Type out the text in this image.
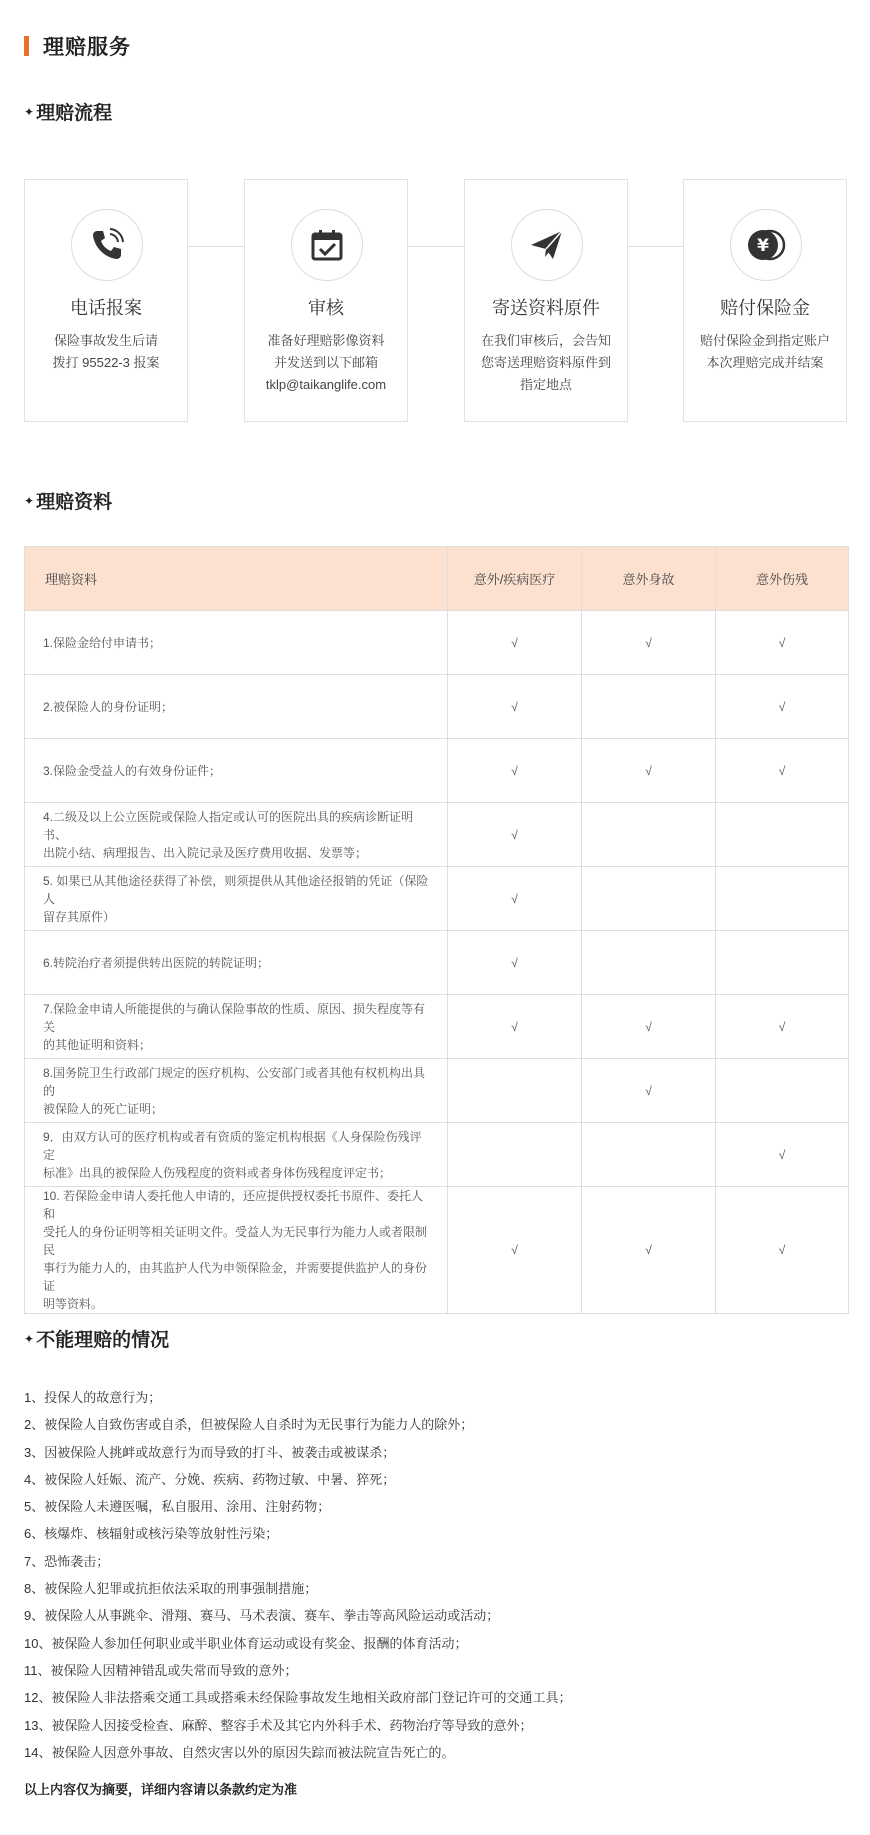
理赔服务
✦ 理赔流程
电话报案
保险事故发生后请
拨打 95522-3 报案
审核
准备好理赔影像资料
并发送到以下邮箱
tklp@taikanglife.com
寄送资料原件
在我们审核后，会告知
您寄送理赔资料原件到
指定地点
¥
赔付保险金
赔付保险金到指定账户
本次理赔完成并结案
✦ 理赔资料
理赔资料	意外/疾病医疗	意外身故	意外伤残

1.保险金给付申请书；	√	√	√

2.被保险人的身份证明；	√		√

3.保险金受益人的有效身份证件；	√	√	√

4.二级及以上公立医院或保险人指定或认可的医院出具的疾病诊断证明书、
出院小结、病理报告、出入院记录及医疗费用收据、发票等；	√		

5. 如果已从其他途径获得了补偿，则须提供从其他途径报销的凭证（保险人
留存其原件）	√		

6.转院治疗者须提供转出医院的转院证明；	√		

7.保险金申请人所能提供的与确认保险事故的性质、原因、损失程度等有关
的其他证明和资料；	√	√	√

8.国务院卫生行政部门规定的医疗机构、公安部门或者其他有权机构出具的
被保险人的死亡证明；		√	

9．由双方认可的医疗机构或者有资质的鉴定机构根据《人身保险伤残评定
标准》出具的被保险人伤残程度的资料或者身体伤残程度评定书；			√

10. 若保险金申请人委托他人申请的，还应提供授权委托书原件、委托人和
受托人的身份证明等相关证明文件。受益人为无民事行为能力人或者限制民
事行为能力人的，由其监护人代为申领保险金，并需要提供监护人的身份证
明等资料。	√	√	√
✦ 不能理赔的情况
1、投保人的故意行为；
2、被保险人自致伤害或自杀，但被保险人自杀时为无民事行为能力人的除外；
3、因被保险人挑衅或故意行为而导致的打斗、被袭击或被谋杀；
4、被保险人妊娠、流产、分娩、疾病、药物过敏、中暑、猝死；
5、被保险人未遵医嘱，私自服用、涂用、注射药物；
6、核爆炸、核辐射或核污染等放射性污染；
7、恐怖袭击；
8、被保险人犯罪或抗拒依法采取的刑事强制措施；
9、被保险人从事跳伞、滑翔、赛马、马术表演、赛车、拳击等高风险运动或活动；
10、被保险人参加任何职业或半职业体育运动或设有奖金、报酬的体育活动；
11、被保险人因精神错乱或失常而导致的意外；
12、被保险人非法搭乘交通工具或搭乘未经保险事故发生地相关政府部门登记许可的交通工具；
13、被保险人因接受检查、麻醉、整容手术及其它内外科手术、药物治疗等导致的意外；
14、被保险人因意外事故、自然灾害以外的原因失踪而被法院宣告死亡的。
以上内容仅为摘要，详细内容请以条款约定为准
